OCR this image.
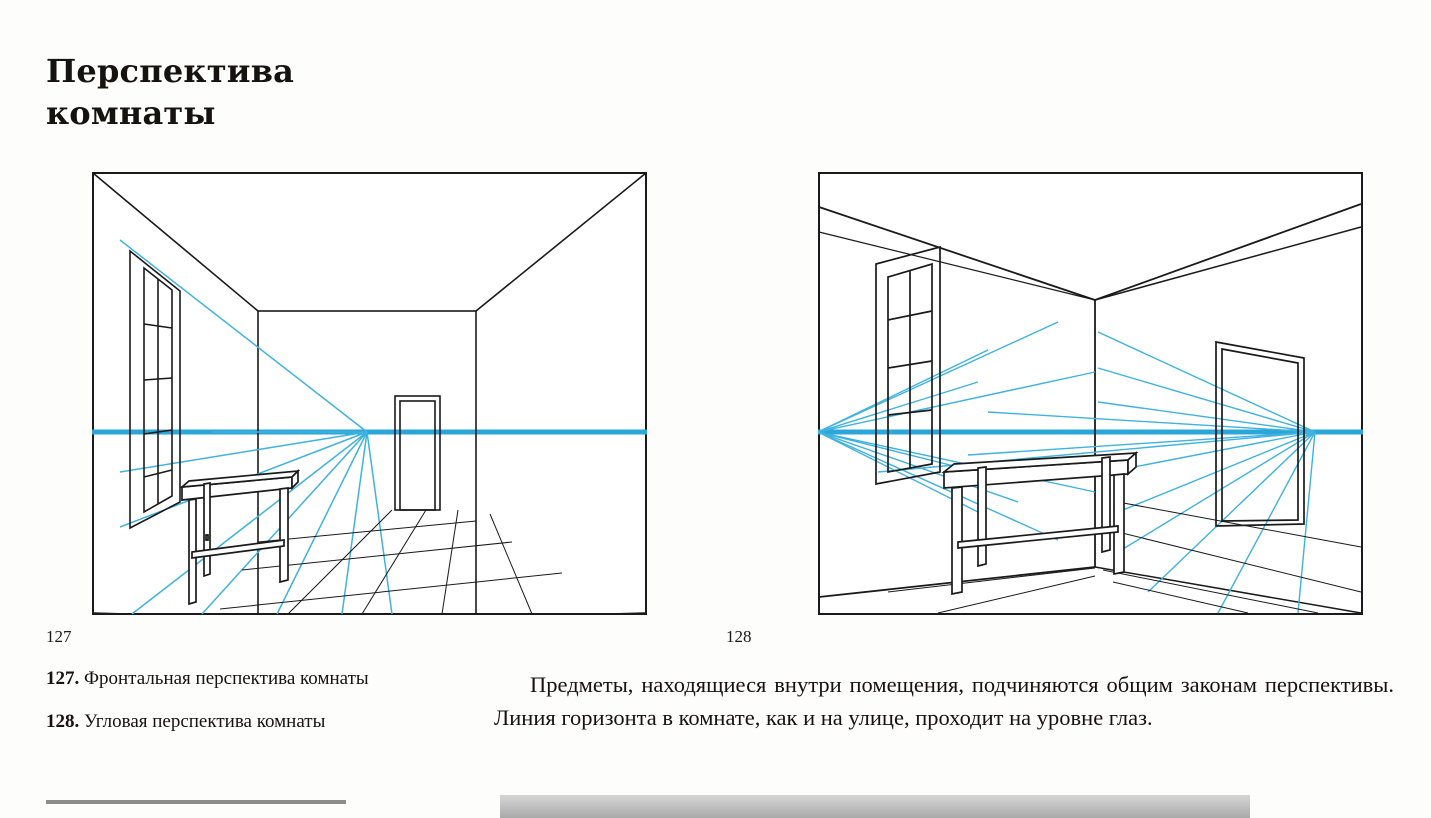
Перспектива
комнаты
127	128
127. Фронтальная перспектива комнаты
128. Угловая перспектива комнаты

Предметы, находящиеся внутри помещения, подчиняются общим законам перспективы. Линия горизонта в комнате, как и на улице, проходит на уровне глаз.
